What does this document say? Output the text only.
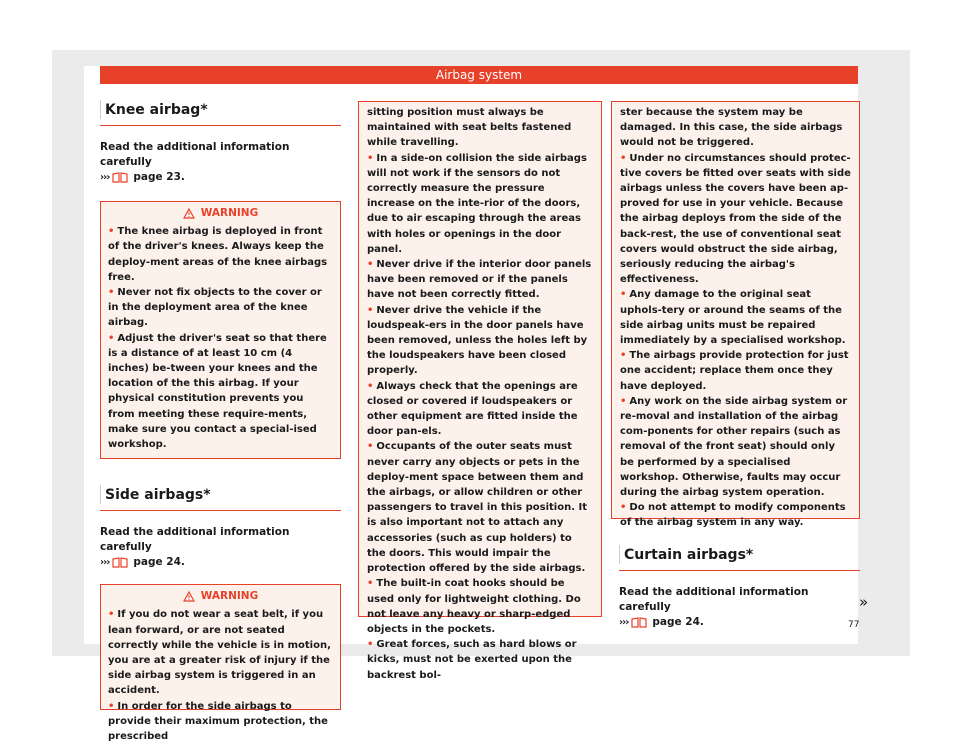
Airbag system
Knee airbag*
Read the additional information carefully
››› page 23.
WARNING

• The knee airbag is deployed in front of the driver's knees. Always keep the deploy-ment areas of the knee airbags free.

• Never not fix objects to the cover or in the deployment area of the knee airbag.

• Adjust the driver's seat so that there is a distance of at least 10 cm (4 inches) be-tween your knees and the location of the this airbag. If your physical constitution prevents you from meeting these require-ments, make sure you contact a special-ised workshop.

Side airbags*
Read the additional information carefully
››› page 24.
WARNING

• If you do not wear a seat belt, if you lean forward, or are not seated correctly while the vehicle is in motion, you are at a greater risk of injury if the side airbag system is triggered in an accident.

• In order for the side airbags to provide their maximum protection, the prescribed

sitting position must always be maintained with seat belts fastened while travelling.

• In a side-on collision the side airbags will not work if the sensors do not correctly measure the pressure increase on the inte-rior of the doors, due to air escaping through the areas with holes or openings in the door panel.

• Never drive if the interior door panels have been removed or if the panels have not been correctly fitted.

• Never drive the vehicle if the loudspeak-ers in the door panels have been removed, unless the holes left by the loudspeakers have been closed properly.

• Always check that the openings are closed or covered if loudspeakers or other equipment are fitted inside the door pan-els.

• Occupants of the outer seats must never carry any objects or pets in the deploy-ment space between them and the airbags, or allow children or other passengers to travel in this position. It is also important not to attach any accessories (such as cup holders) to the doors. This would impair the protection offered by the side airbags.

• The built-in coat hooks should be used only for lightweight clothing. Do not leave any heavy or sharp-edged objects in the pockets.

• Great forces, such as hard blows or kicks, must not be exerted upon the backrest bol-

ster because the system may be damaged. In this case, the side airbags would not be triggered.

• Under no circumstances should protec-tive covers be fitted over seats with side airbags unless the covers have been ap-proved for use in your vehicle. Because the airbag deploys from the side of the back-rest, the use of conventional seat covers would obstruct the side airbag, seriously reducing the airbag's effectiveness.

• Any damage to the original seat uphols-tery or around the seams of the side airbag units must be repaired immediately by a specialised workshop.

• The airbags provide protection for just one accident; replace them once they have deployed.

• Any work on the side airbag system or re-moval and installation of the airbag com-ponents for other repairs (such as removal of the front seat) should only be performed by a specialised workshop. Otherwise, faults may occur during the airbag system operation.

• Do not attempt to modify components of the airbag system in any way.

Curtain airbags*
Read the additional information carefully
››› page 24.
»
77
